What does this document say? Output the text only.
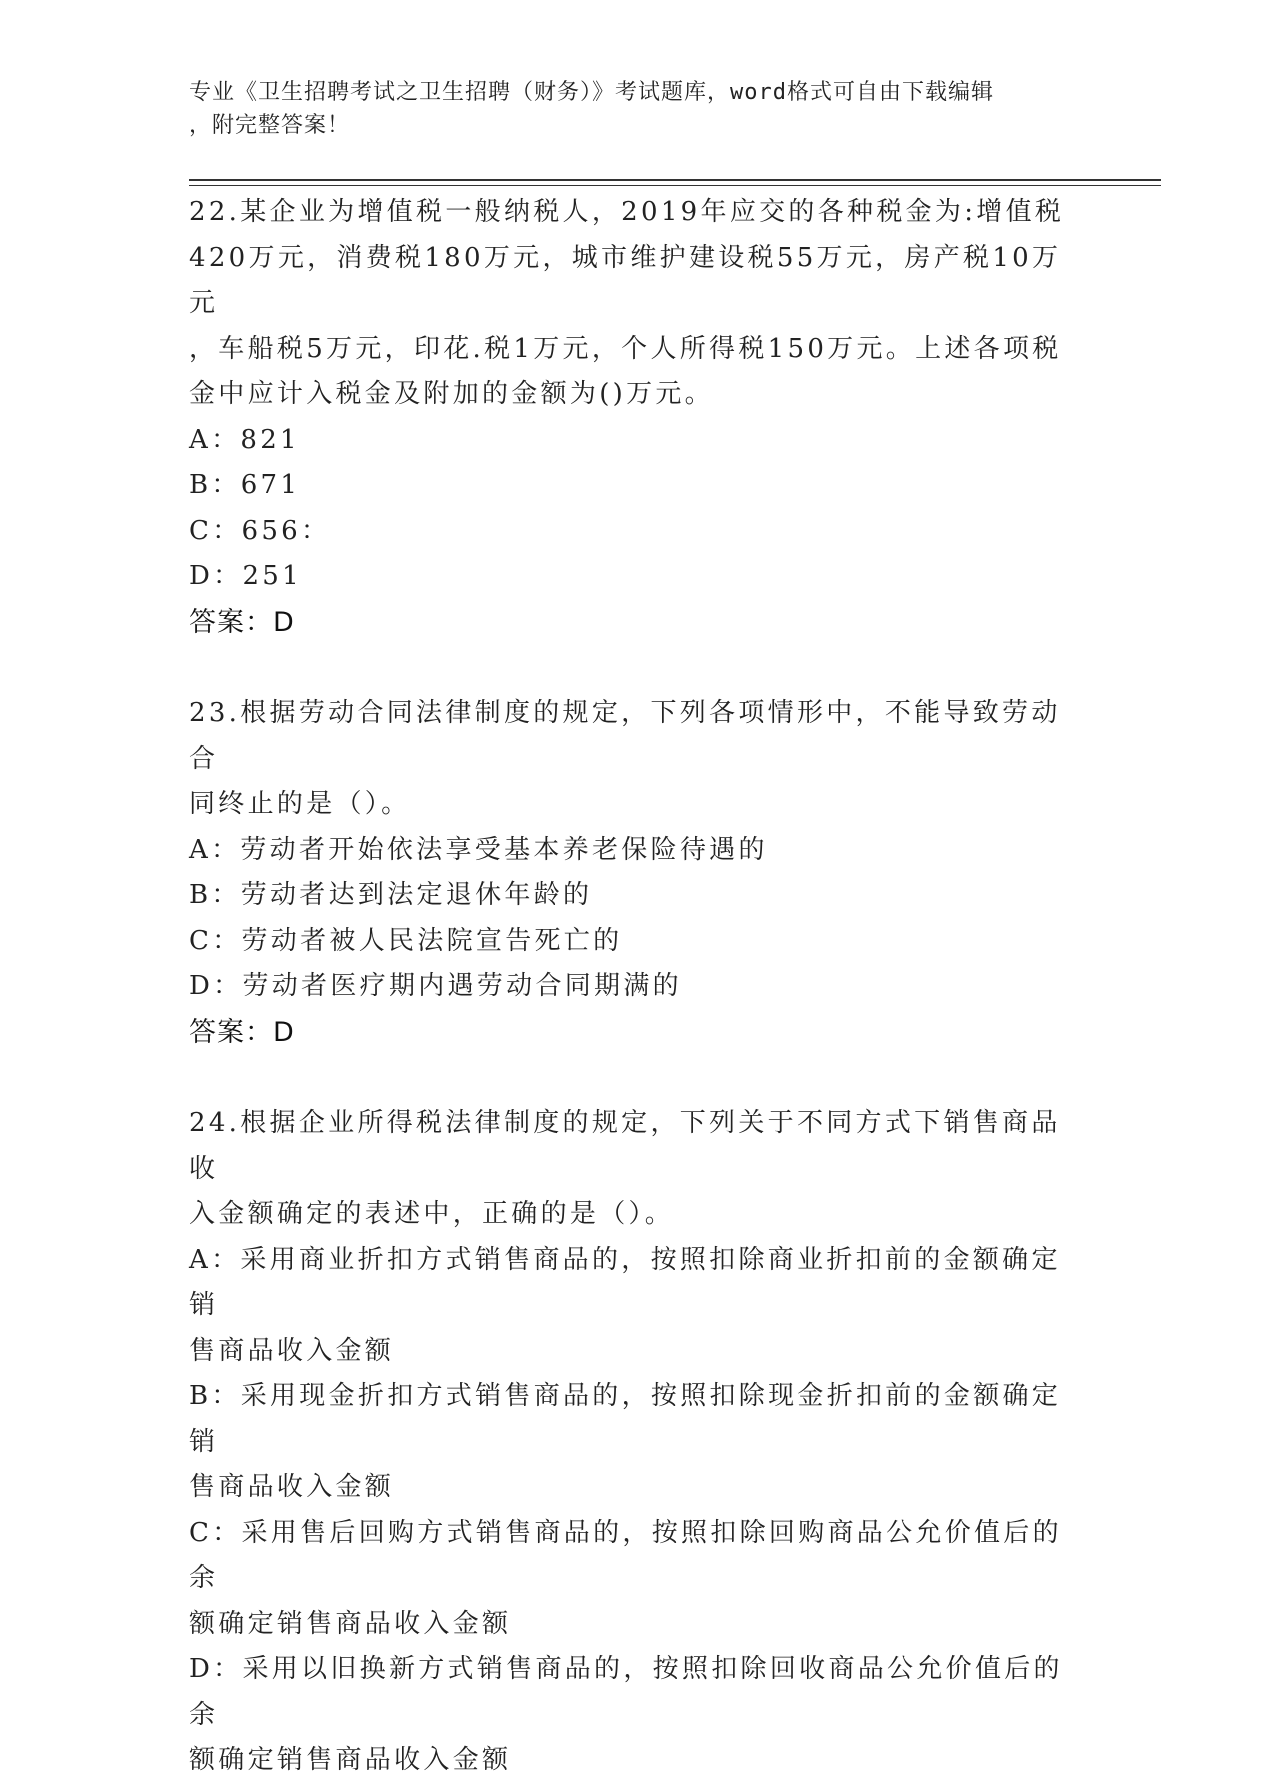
专业《卫生招聘考试之卫生招聘（财务）》考试题库，word格式可自由下载编辑
，附完整答案！

22.某企业为增值税一般纳税人，2019年应交的各种税金为:增值税

420万元，消费税180万元，城市维护建设税55万元，房产税10万元

，车船税5万元，印花.税1万元，个人所得税150万元。上述各项税

金中应计入税金及附加的金额为()万元。

A：821

B：671

C：656：

D：251

答案：D

23.根据劳动合同法律制度的规定，下列各项情形中，不能导致劳动合

同终止的是（）。

A：劳动者开始依法享受基本养老保险待遇的

B：劳动者达到法定退休年龄的

C：劳动者被人民法院宣告死亡的

D：劳动者医疗期内遇劳动合同期满的

答案：D

24.根据企业所得税法律制度的规定，下列关于不同方式下销售商品收

入金额确定的表述中，正确的是（）。

A：采用商业折扣方式销售商品的，按照扣除商业折扣前的金额确定销

售商品收入金额

B：采用现金折扣方式销售商品的，按照扣除现金折扣前的金额确定销

售商品收入金额

C：采用售后回购方式销售商品的，按照扣除回购商品公允价值后的余

额确定销售商品收入金额

D：采用以旧换新方式销售商品的，按照扣除回收商品公允价值后的余

额确定销售商品收入金额
